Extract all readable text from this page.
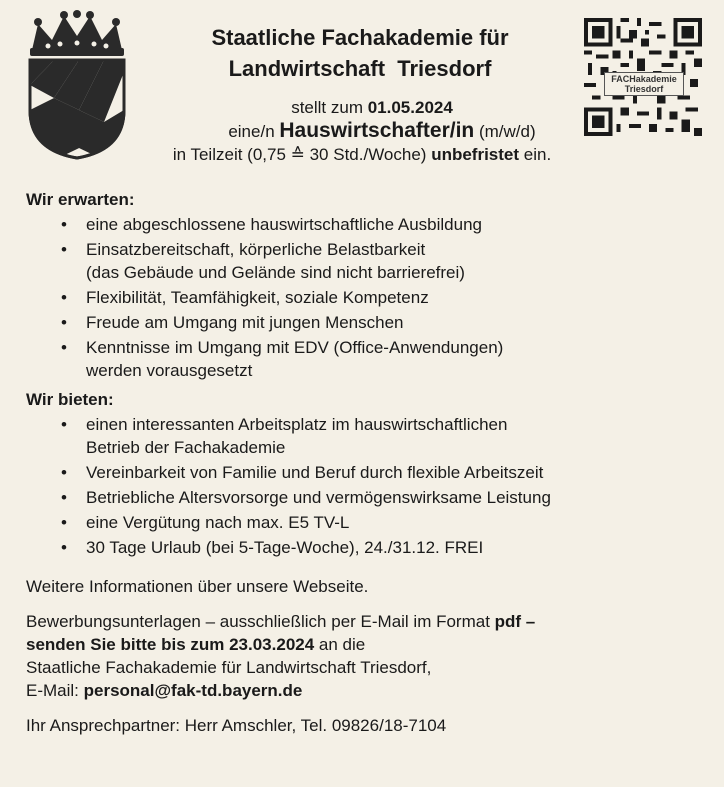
FACHakademie
Triesdorf
Staatliche Fachakademie für
Landwirtschaft  Triesdorf
stellt zum 01.05.2024
eine/n Hauswirtschafter/in (m/w/d)
in Teilzeit (0,75 ≙ 30 Std./Woche) unbefristet ein.
Wir erwarten:
• eine abgeschlossene hauswirtschaftliche Ausbildung
• Einsatzbereitschaft, körperliche Belastbarkeit
(das Gebäude und Gelände sind nicht barrierefrei)
• Flexibilität, Teamfähigkeit, soziale Kompetenz
• Freude am Umgang mit jungen Menschen
• Kenntnisse im Umgang mit EDV (Office-Anwendungen)
werden vorausgesetzt
Wir bieten:
• einen interessanten Arbeitsplatz im hauswirtschaftlichen
Betrieb der Fachakademie
• Vereinbarkeit von Familie und Beruf durch flexible Arbeitszeit
• Betriebliche Altersvorsorge und vermögenswirksame Leistung
• eine Vergütung nach max. E5 TV-L
• 30 Tage Urlaub (bei 5-Tage-Woche), 24./31.12. FREI
Weitere Informationen über unsere Webseite.
Bewerbungsunterlagen – ausschließlich per E-Mail im Format pdf –
senden Sie bitte bis zum 23.03.2024 an die
Staatliche Fachakademie für Landwirtschaft Triesdorf,
E-Mail: personal@fak-td.bayern.de
Ihr Ansprechpartner: Herr Amschler, Tel. 09826/18-7104
